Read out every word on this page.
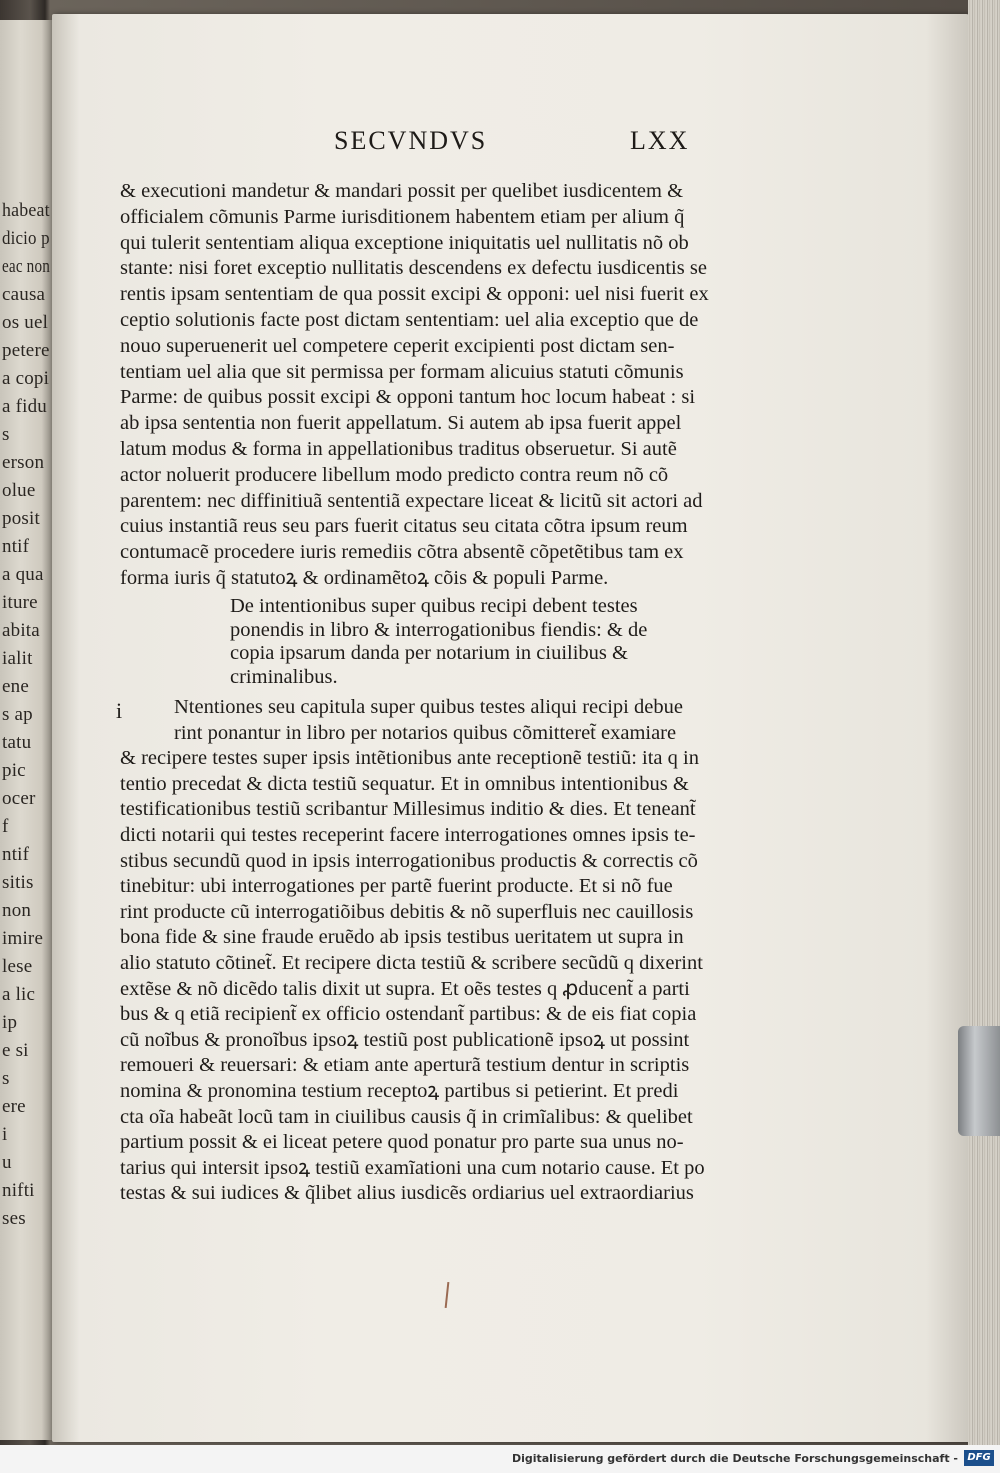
habeat
dicio p
eac non
causa
os uel
petere
a copi
a fidu
s
erson
olue
posit
ntif
a qua
iture
abita
ialit
ene
s ap
tatu
pic
ocer
f
ntif
sitis
non
imire
lese
a lic
ip
e si
s
ere
i
u
nifti
ses
SECVNDVS	LXX
& executioni mandetur & mandari possit per quelibet iusdicentem &
officialem cõmunis Parme iurisditionem habentem etiam per alium q̃
qui tulerit sententiam aliqua exceptione iniquitatis uel nullitatis nõ ob
stante: nisi foret exceptio nullitatis descendens ex defectu iusdicentis se
rentis ipsam sententiam de qua possit excipi & opponi: uel nisi fuerit ex
ceptio solutionis facte post dictam sententiam: uel alia exceptio que de
nouo superuenerit uel competere ceperit excipienti post dictam sen-
tentiam uel alia que sit permissa per formam alicuius statuti cõmunis
Parme: de quibus possit excipi & opponi tantum hoc locum habeat : si
ab ipsa sententia non fuerit appellatum. Si autem ab ipsa fuerit appel
latum modus & forma in appellationibus traditus obseruetur. Si autẽ
actor noluerit producere libellum modo predicto contra reum nõ cõ
parentem: nec diffinitiuã sententiã expectare liceat & licitũ sit actori ad
cuius instantiã reus seu pars fuerit citatus seu citata cõtra ipsum reum
contumacẽ procedere iuris remediis cõtra absentẽ cõpetẽtibus tam ex
forma iuris q̃ statutoꝝ & ordinamẽtoꝝ cõis & populi Parme.
De intentionibus super quibus recipi debent testes
ponendis in libro & interrogationibus fiendis: & de
copia ipsarum danda per notarium in ciuilibus &
criminalibus.
i	Ntentiones seu capitula super quibus testes aliqui recipi debue
rint ponantur in libro per notarios quibus cõmitteret̃ examiare
& recipere testes super ipsis intẽtionibus ante receptionẽ testiũ: ita q in
tentio precedat & dicta testiũ sequatur. Et in omnibus intentionibus &
testificationibus testiũ scribantur Millesimus inditio & dies. Et teneant̃
dicti notarii qui testes receperint facere interrogationes omnes ipsis te-
stibus secundũ quod in ipsis interrogationibus productis & correctis cõ
tinebitur: ubi interrogationes per partẽ fuerint producte. Et si nõ fue
rint producte cũ interrogatiõibus debitis & nõ superfluis nec cauillosis
bona fide & sine fraude eruẽdo ab ipsis testibus ueritatem ut supra in
alio statuto cõtinet̃. Et recipere dicta testiũ & scribere secũdũ q dixerint
extẽse & nõ dicẽdo talis dixit ut supra. Et oẽs testes q ꝓducent̃ a parti
bus & q etiã recipient̃ ex officio ostendant̃ partibus: & de eis fiat copia
cũ noĩbus & pronoĩbus ipsoꝝ testiũ post publicationẽ ipsoꝝ ut possint
remoueri & reuersari: & etiam ante aperturã testium dentur in scriptis
nomina & pronomina testium receptoꝝ partibus si petierint. Et predi
cta oĩa habeãt locũ tam in ciuilibus causis q̃ in crimĩalibus: & quelibet
partium possit & ei liceat petere quod ponatur pro parte sua unus no-
tarius qui intersit ipsoꝝ testiũ examĩationi una cum notario cause. Et po
testas & sui iudices & q̃libet alius iusdicẽs ordiarius uel extraordiarius
Digitalisierung gefördert durch die Deutsche Forschungsgemeinschaft - DFG
